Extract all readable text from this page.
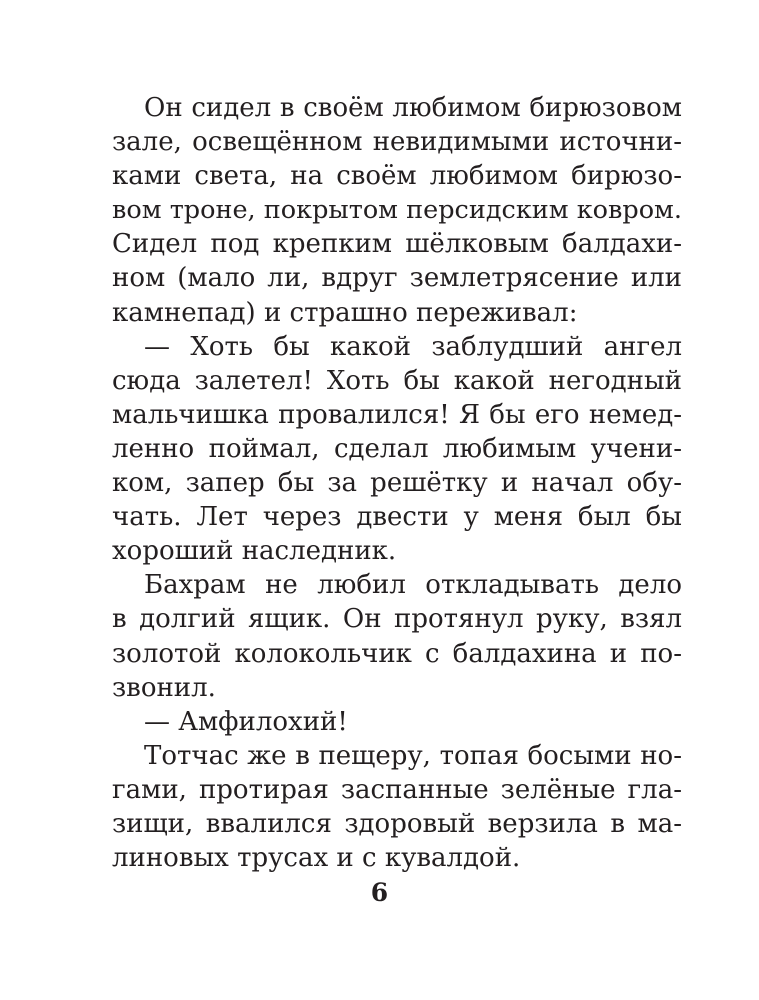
Он сидел в своём любимом бирюзовом
зале, освещённом невидимыми источни-
ками света, на своём любимом бирюзо-
вом троне, покрытом персидским ковром.
Сидел под крепким шёлковым балдахи-
ном (мало ли, вдруг землетрясение или
камнепад) и страшно переживал:
— Хоть бы какой заблудший ангел
сюда залетел! Хоть бы какой негодный
мальчишка провалился! Я бы его немед-
ленно поймал, сделал любимым учени-
ком, запер бы за решётку и начал обу-
чать. Лет через двести у меня был бы
хороший наследник.
Бахрам не любил откладывать дело
в долгий ящик. Он протянул руку, взял
золотой колокольчик с балдахина и по-
звонил.
— Амфилохий!
Тотчас же в пещеру, топая босыми но-
гами, протирая заспанные зелёные гла-
зищи, ввалился здоровый верзила в ма-
линовых трусах и с кувалдой.
6
